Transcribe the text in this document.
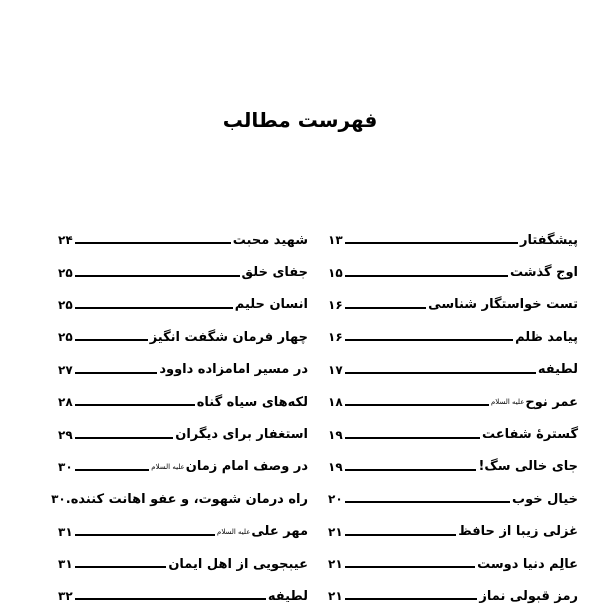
فهرست مطالب
پیشگفتار
۱۳
اوج گذشت
۱۵
تست خواستگار شناسی
۱۶
پیامد ظلم
۱۶
لطیفه
۱۷
عمر نوح
عليه السلام
۱۸
گسترهٔ شفاعت
۱۹
جای خالی سگ!
۱۹
خیال خوب
۲۰
غزلی زیبا از حافظ
۲۱
عالِم دنیا دوست
۲۱
رمز قبولی نماز
۲۱
شهید محبت
۲۴
جفای خلق
۲۵
انسان حلیم
۲۵
چهار فرمان شگفت انگیز
۲۵
در مسیر امامزاده داوود
۲۷
لکه‌های سیاه گناه
۲۸
استغفار برای دیگران
۲۹
در وصف امام زمان
عليه السلام
۳۰
راه درمان شهوت، و عفو اهانت کننده.
۳۰
مهر علی
عليه السلام
۳۱
عیبجویی از اهل ایمان
۳۱
لطیفه
۳۲
